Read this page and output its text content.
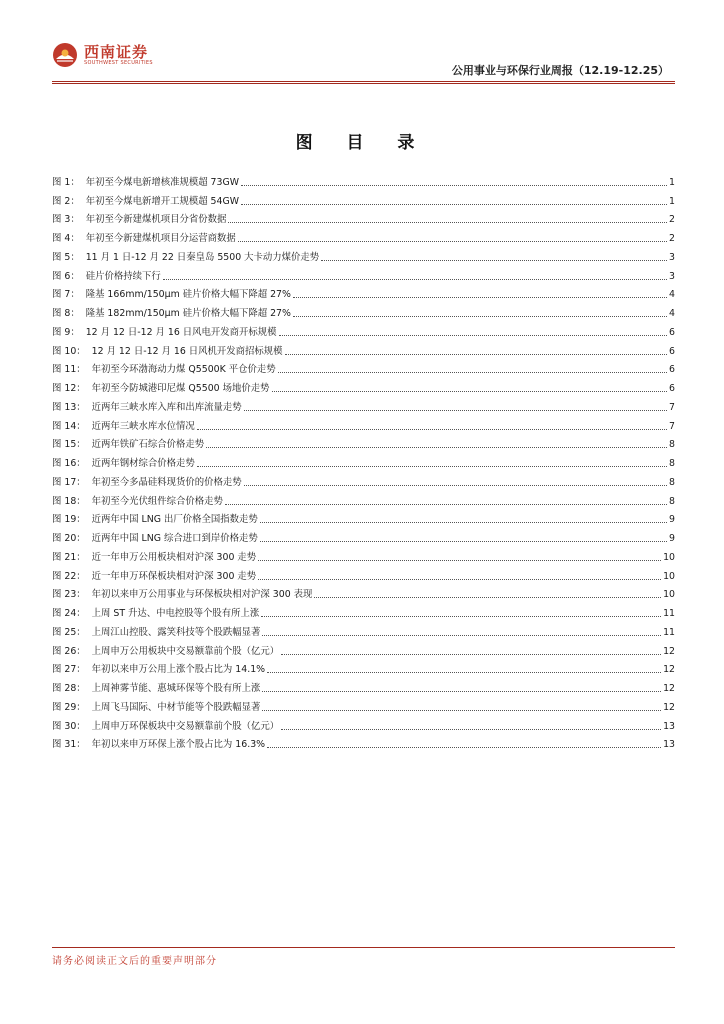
西南证券
SOUTHWEST SECURITIES
公用事业与环保行业周报（12.19-12.25）
图 目 录
图 1： 年初至今煤电新增核准规模超 73GW	1
图 2： 年初至今煤电新增开工规模超 54GW	1
图 3： 年初至今新建煤机项目分省份数据	2
图 4： 年初至今新建煤机项目分运营商数据	2
图 5： 11 月 1 日-12 月 22 日秦皇岛 5500 大卡动力煤价走势	3
图 6： 硅片价格持续下行	3
图 7： 隆基 166mm/150μm 硅片价格大幅下降超 27%	4
图 8： 隆基 182mm/150μm 硅片价格大幅下降超 27%	4
图 9： 12 月 12 日-12 月 16 日风电开发商开标规模	6
图 10： 12 月 12 日-12 月 16 日风机开发商招标规模	6
图 11： 年初至今环渤海动力煤 Q5500K 平仓价走势	6
图 12： 年初至今防城港印尼煤 Q5500 场地价走势	6
图 13： 近两年三峡水库入库和出库流量走势	7
图 14： 近两年三峡水库水位情况	7
图 15： 近两年铁矿石综合价格走势	8
图 16： 近两年钢材综合价格走势	8
图 17： 年初至今多晶硅料现货价的价格走势	8
图 18： 年初至今光伏组件综合价格走势	8
图 19： 近两年中国 LNG 出厂价格全国指数走势	9
图 20： 近两年中国 LNG 综合进口到岸价格走势	9
图 21： 近一年申万公用板块相对沪深 300 走势	10
图 22： 近一年申万环保板块相对沪深 300 走势	10
图 23： 年初以来申万公用事业与环保板块相对沪深 300 表现	10
图 24： 上周 ST 升达、中电控股等个股有所上涨	11
图 25： 上周江山控股、露笑科技等个股跌幅显著	11
图 26： 上周申万公用板块中交易额靠前个股（亿元）	12
图 27： 年初以来申万公用上涨个股占比为 14.1%	12
图 28： 上周神雾节能、惠城环保等个股有所上涨	12
图 29： 上周飞马国际、中材节能等个股跌幅显著	12
图 30： 上周申万环保板块中交易额靠前个股（亿元）	13
图 31： 年初以来申万环保上涨个股占比为 16.3%	13
请务必阅读正文后的重要声明部分
